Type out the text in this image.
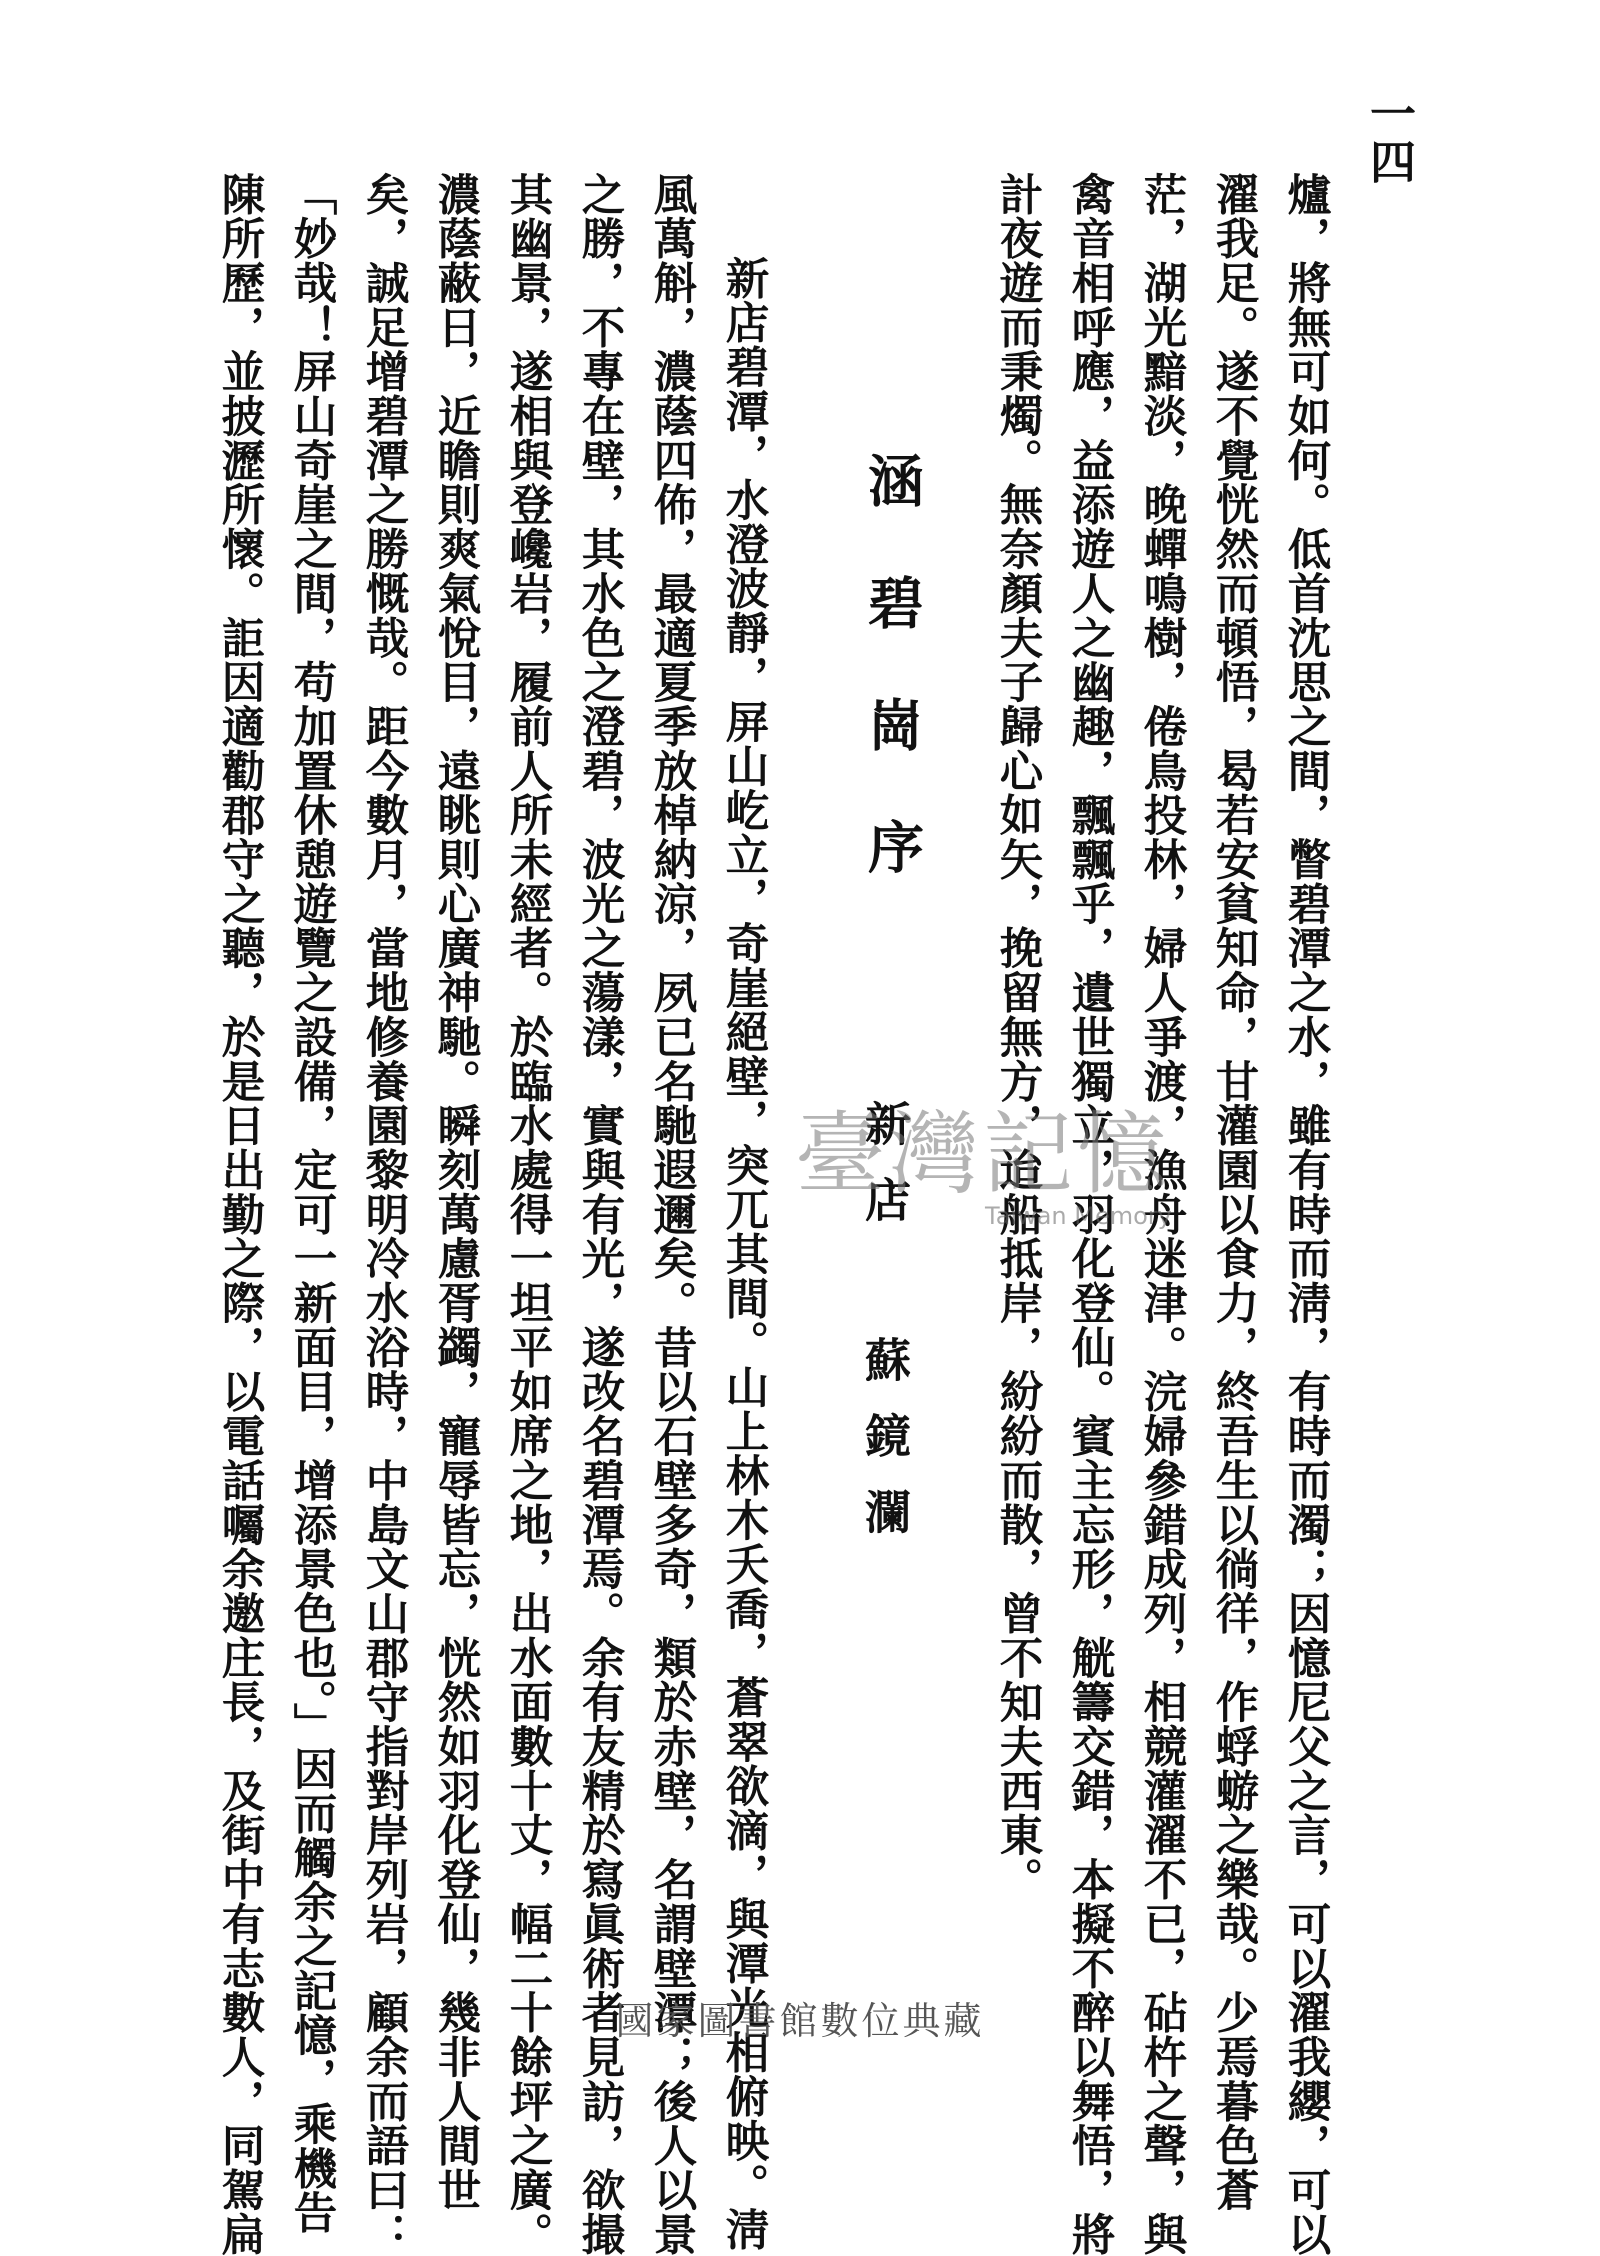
一四
爐，將無可如何。低首沈思之間，瞥碧潭之水，雖有時而淸，有時而濁；因憶尼父之言，可以濯我纓，可以
濯我足。遂不覺恍然而頓悟，曷若安貧知命，甘灌園以食力，終吾生以徜徉，作蜉蝣之樂哉。少焉暮色蒼
茫，湖光黯淡，晚蟬鳴樹，倦鳥投林，婦人爭渡，漁舟迷津。浣婦參錯成列，相競灌濯不已，砧杵之聲，與
禽音相呼應，益添遊人之幽趣，飄飄乎，遺世獨立，羽化登仙。賓主忘形，觥籌交錯，本擬不醉以舞悟，將
計夜遊而秉燭。無奈顏夫子歸心如矢，挽留無方，迨船抵岸，紛紛而散，曾不知夫西東。
涵碧崗序
新店 蘇鏡瀾
新店碧潭，水澄波靜，屏山屹立，奇崖絕壁，突兀其間。山上林木夭喬，蒼翠欲滴，與潭光相俯映。淸
風萬斛，濃蔭四佈，最適夏季放棹納涼，夙已名馳遐邇矣。昔以石壁多奇，類於赤壁，名謂壁潭；後人以景
之勝，不專在壁，其水色之澄碧，波光之蕩漾，實與有光，遂改名碧潭焉。余有友精於寫眞術者見訪，欲撮
其幽景，遂相與登巉岩，履前人所未經者。於臨水處得一坦平如席之地，出水面數十丈，幅二十餘坪之廣。
濃蔭蔽日，近瞻則爽氣悅目，遠眺則心廣神馳。瞬刻萬慮胥蠲，寵辱皆忘，恍然如羽化登仙，幾非人間世
矣，誠足增碧潭之勝慨哉。距今數月，當地修養園黎明冷水浴時，中島文山郡守指對岸列岩，顧余而語曰：
「妙哉！屏山奇崖之間，苟加置休憩遊覽之設備，定可一新面目，增添景色也。」因而觸余之記憶，乘機告
陳所歷，並披瀝所懷。詎因適勸郡守之聽，於是日出勤之際，以電話囑余邀庄長，及街中有志數人，同駕扁	臺灣記憶
Taiwan Memory
國家圖書館數位典藏
